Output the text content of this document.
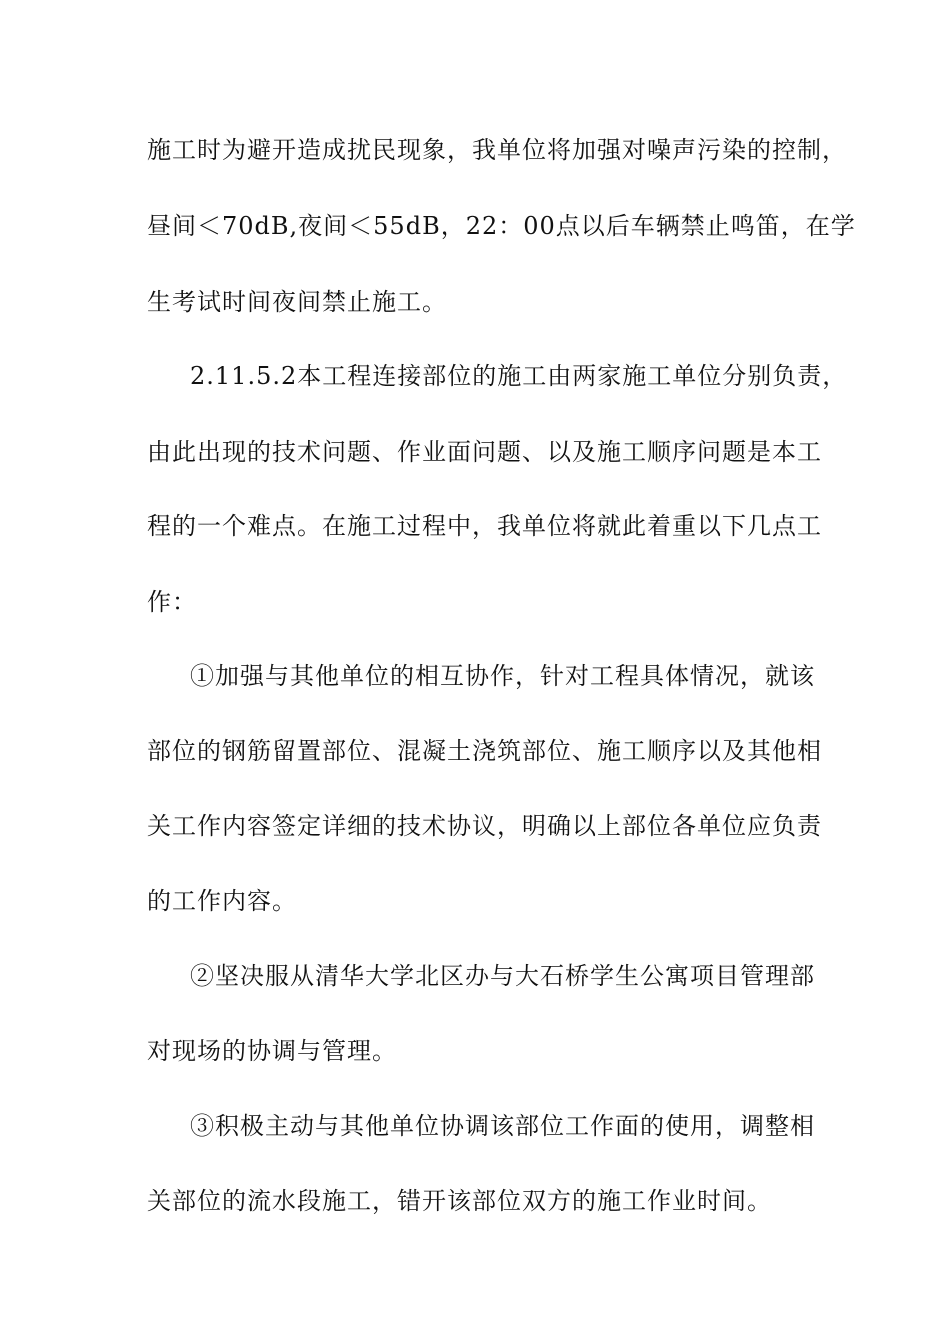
施工时为避开造成扰民现象，我单位将加强对噪声污染的控制，
昼间＜70dB,夜间＜55dB，22：00点以后车辆禁止鸣笛，在学
生考试时间夜间禁止施工。
2.11.5.2本工程连接部位的施工由两家施工单位分别负责，
由此出现的技术问题、作业面问题、以及施工顺序问题是本工
程的一个难点。在施工过程中，我单位将就此着重以下几点工
作：
①加强与其他单位的相互协作，针对工程具体情况，就该
部位的钢筋留置部位、混凝土浇筑部位、施工顺序以及其他相
关工作内容签定详细的技术协议，明确以上部位各单位应负责
的工作内容。
②坚决服从清华大学北区办与大石桥学生公寓项目管理部
对现场的协调与管理。
③积极主动与其他单位协调该部位工作面的使用，调整相
关部位的流水段施工，错开该部位双方的施工作业时间。
